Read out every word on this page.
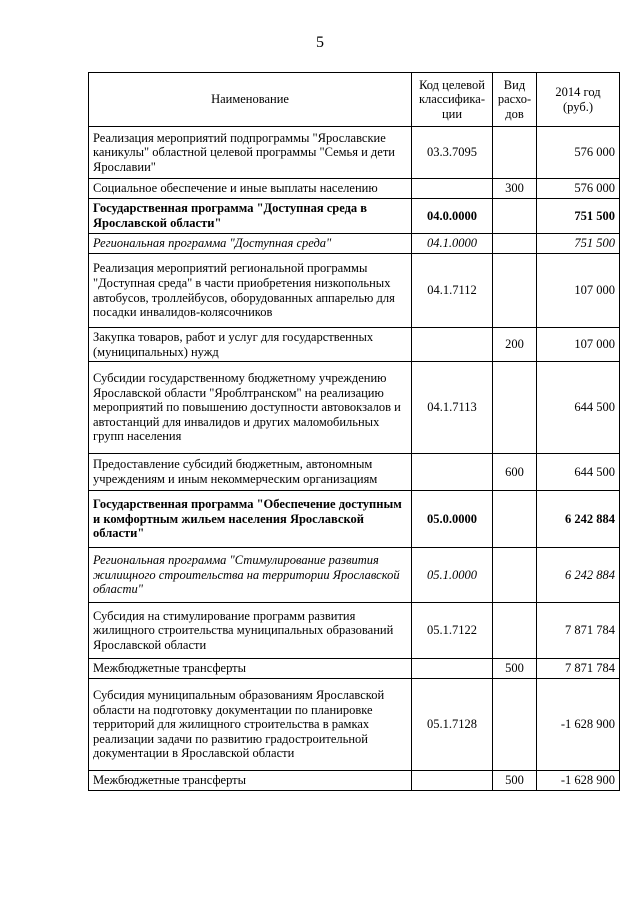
5
Наименование	Код целевой классифика-ции	Вид расхо-дов	2014 год (руб.)
Реализация мероприятий подпрограммы "Ярославские каникулы" областной целевой программы "Семья и дети Ярославии"	03.3.7095		576 000
Социальное обеспечение и иные выплаты населению		300	576 000
Государственная программа "Доступная среда в Ярославской области"	04.0.0000		751 500
Региональная программа "Доступная среда"	04.1.0000		751 500
Реализация мероприятий региональной программы "Доступная среда" в части приобретения низкопольных автобусов, троллейбусов, оборудованных аппарелью для посадки инвалидов-колясочников	04.1.7112		107 000
Закупка товаров, работ и услуг для государственных (муниципальных) нужд		200	107 000
Субсидии государственному бюджетному учреждению Ярославской области "Яроблтранском" на реализацию мероприятий по повышению доступности автовокзалов и автостанций для инвалидов и других маломобильных групп населения	04.1.7113		644 500
Предоставление субсидий бюджетным, автономным учреждениям и иным некоммерческим организациям		600	644 500
Государственная программа "Обеспечение доступным и комфортным жильем населения Ярославской области"	05.0.0000		6 242 884
Региональная программа "Стимулирование развития жилищного строительства на территории Ярославской области"	05.1.0000		6 242 884
Субсидия на стимулирование программ развития жилищного строительства муниципальных образований Ярославской области	05.1.7122		7 871 784
Межбюджетные трансферты		500	7 871 784
Субсидия муниципальным образованиям Ярославской области на подготовку документации по планировке территорий для жилищного строительства в рамках реализации задачи по развитию градостроительной документации в Ярославской области	05.1.7128		-1 628 900
Межбюджетные трансферты		500	-1 628 900
